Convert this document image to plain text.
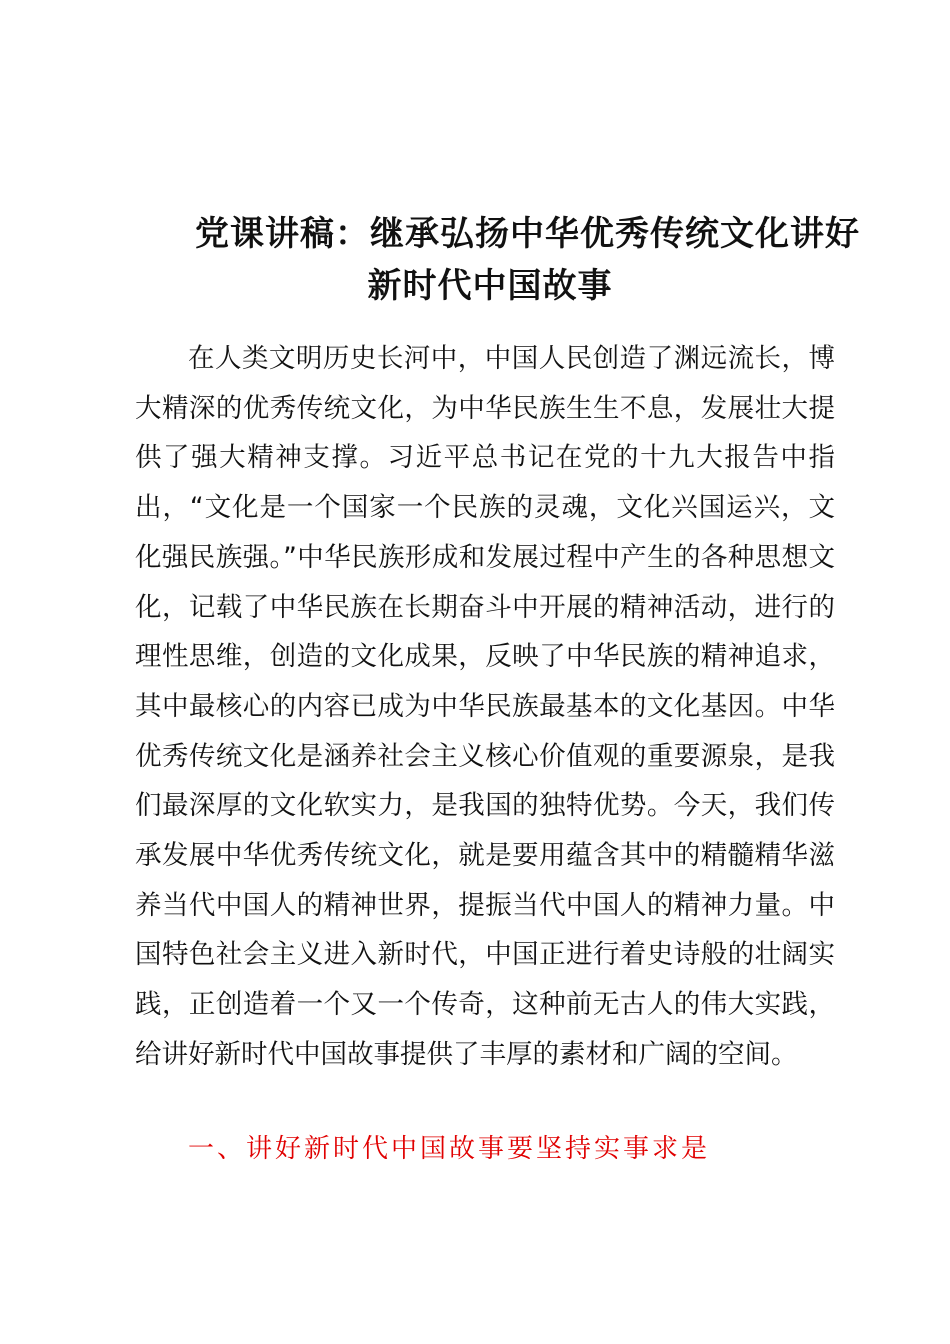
党课讲稿：继承弘扬中华优秀传统文化讲好
新时代中国故事

在人类文明历史长河中，中国人民创造了渊远流长，博大精深的优秀传统文化，为中华民族生生不息，发展壮大提供了强大精神支撑。习近平总书记在党的十九大报告中指出，“文化是一个国家一个民族的灵魂，文化兴国运兴，文化强民族强。”中华民族形成和发展过程中产生的各种思想文化，记载了中华民族在长期奋斗中开展的精神活动，进行的理性思维，创造的文化成果，反映了中华民族的精神追求，其中最核心的内容已成为中华民族最基本的文化基因。中华优秀传统文化是涵养社会主义核心价值观的重要源泉，是我们最深厚的文化软实力，是我国的独特优势。今天，我们传承发展中华优秀传统文化，就是要用蕴含其中的精髓精华滋养当代中国人的精神世界，提振当代中国人的精神力量。中国特色社会主义进入新时代，中国正进行着史诗般的壮阔实践，正创造着一个又一个传奇，这种前无古人的伟大实践，给讲好新时代中国故事提供了丰厚的素材和广阔的空间。

一、讲好新时代中国故事要坚持实事求是
